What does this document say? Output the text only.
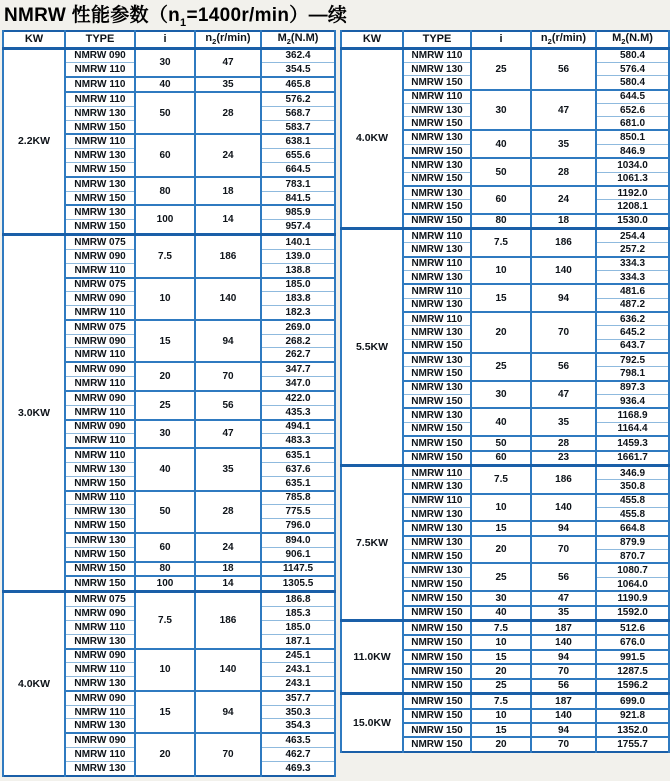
NMRW 性能参数$(n_1=1400r/\min)—$续
KW	TYPE	i	$n_2(r/\min)$	$M_2(N.M)$
2.2KW	NMRW 090	30	47	362.4
	NMRW 110			354.5
	NMRW 110	40	35	465.8
	NMRW 110	50	28	576.2
	NMRW 130			568.7
	NMRW 150			583.7
	NMRW 110	60	24	638.1
	NMRW 130			655.6
	NMRW 150			664.5
	NMRW 130	80	18	783.1
	NMRW 150			841.5
	NMRW 130	100	14	985.9
	NMRW 150			957.4
3.0KW	NMRW 075	7.5	186	140.1
	NMRW 090			139.0
	NMRW 110			138.8
	NMRW 075	10	140	185.0
	NMRW 090			183.8
	NMRW 110			182.3
	NMRW 075	15	94	269.0
	NMRW 090			268.2
	NMRW 110			262.7
	NMRW 090	20	70	347.7
	NMRW 110			347.0
	NMRW 090	25	56	422.0
	NMRW 110			435.3
	NMRW 090	30	47	494.1
	NMRW 110			483.3
	NMRW 110	40	35	635.1
	NMRW 130			637.6
	NMRW 150			635.1
	NMRW 110	50	28	785.8
	NMRW 130			775.5
	NMRW 150			796.0
	NMRW 130	60	24	894.0
	NMRW 150			906.1
	NMRW 150	80	18	1147.5
	NMRW 150	100	14	1305.5
4.0KW	NMRW 075	7.5	186	186.8
	NMRW 090			185.3
	NMRW 110			185.0
	NMRW 130			187.1
	NMRW 090	10	140	245.1
	NMRW 110			243.1
	NMRW 130			243.1
	NMRW 090	15	94	357.7
	NMRW 110			350.3
	NMRW 130			354.3
	NMRW 090	20	70	463.5
	NMRW 110			462.7
	NMRW 130			469.3
KW	TYPE	i	$n_2(r/\min)$	$M_2(N.M)$
4.0KW	NMRW 110	25	56	580.4
	NMRW 130			576.4
	NMRW 150			580.4
	NMRW 110	30	47	644.5
	NMRW 130			652.6
	NMRW 150			681.0
	NMRW 130	40	35	850.1
	NMRW 150			846.9
	NMRW 130	50	28	1034.0
	NMRW 150			1061.3
	NMRW 130	60	24	1192.0
	NMRW 150			1208.1
	NMRW 150	80	18	1530.0
5.5KW	NMRW 110	7.5	186	254.4
	NMRW 130			257.2
	NMRW 110	10	140	334.3
	NMRW 130			334.3
	NMRW 110	15	94	481.6
	NMRW 130			487.2
	NMRW 110	20	70	636.2
	NMRW 130			645.2
	NMRW 150			643.7
	NMRW 130	25	56	792.5
	NMRW 150			798.1
	NMRW 130	30	47	897.3
	NMRW 150			936.4
	NMRW 130	40	35	1168.9
	NMRW 150			1164.4
	NMRW 150	50	28	1459.3
	NMRW 150	60	23	1661.7
7.5KW	NMRW 110	7.5	186	346.9
	NMRW 130			350.8
	NMRW 110	10	140	455.8
	NMRW 130			455.8
	NMRW 130	15	94	664.8
	NMRW 130	20	70	879.9
	NMRW 150			870.7
	NMRW 130	25	56	1080.7
	NMRW 150			1064.0
	NMRW 150	30	47	1190.9
	NMRW 150	40	35	1592.0
11.0KW	NMRW 150	7.5	187	512.6
	NMRW 150	10	140	676.0
	NMRW 150	15	94	991.5
	NMRW 150	20	70	1287.5
	NMRW 150	25	56	1596.2
15.0KW	NMRW 150	7.5	187	699.0
	NMRW 150	10	140	921.8
	NMRW 150	15	94	1352.0
	NMRW 150	20	70	1755.7
